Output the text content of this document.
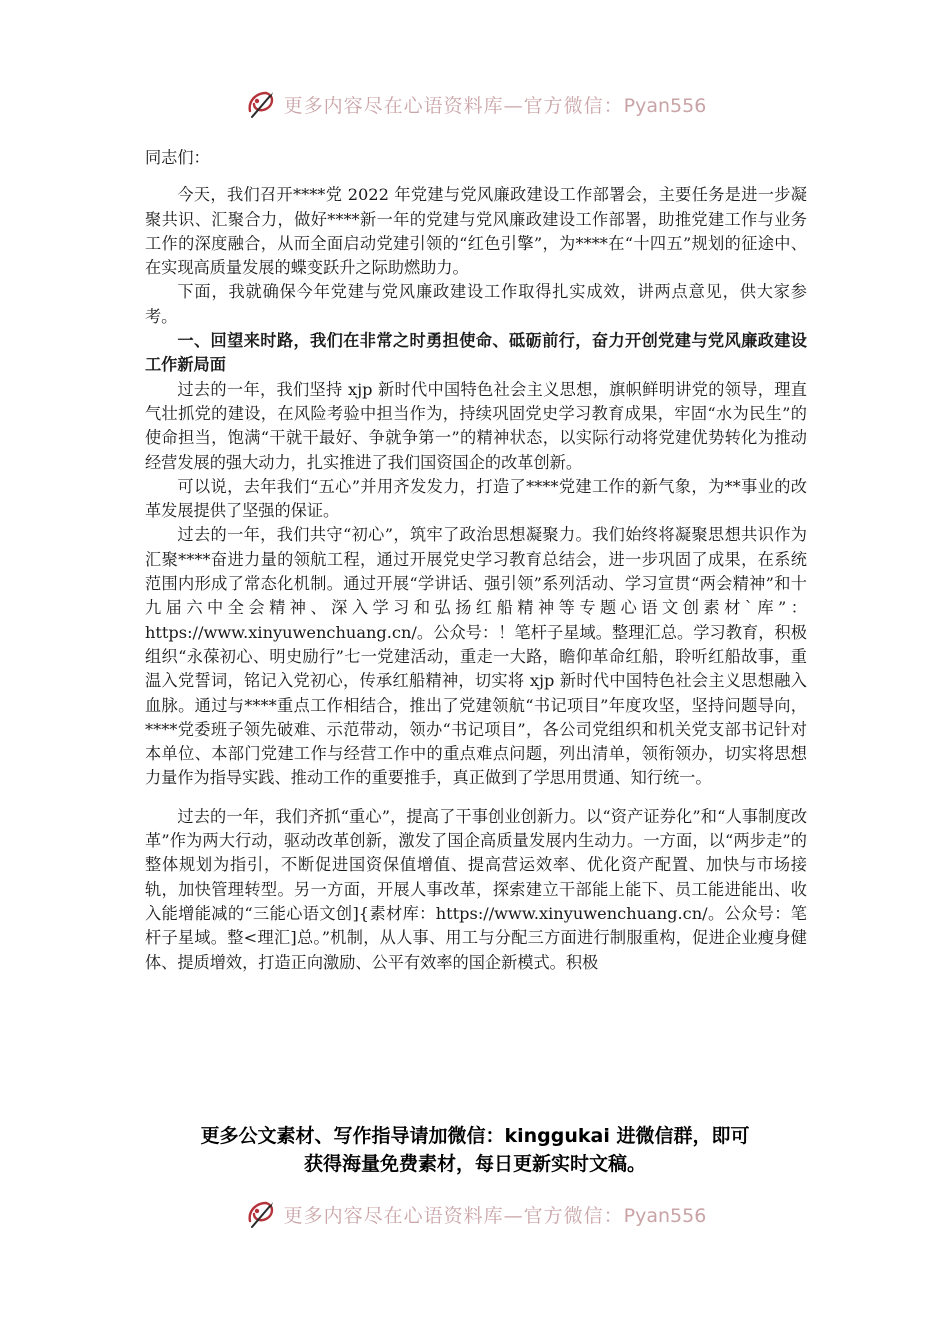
更多内容尽在心语资料库—官方微信：Pyan556

同志们：

今天，我们召开****党 2022 年党建与党风廉政建设工作部署会，主要任务是进一步凝聚共识、汇聚合力，做好****新一年的党建与党风廉政建设工作部署，助推党建工作与业务工作的深度融合，从而全面启动党建引领的“红色引擎”，为****在“十四五”规划的征途中、在实现高质量发展的蝶变跃升之际助燃助力。

下面，我就确保今年党建与党风廉政建设工作取得扎实成效，讲两点意见，供大家参考。

一、回望来时路，我们在非常之时勇担使命、砥砺前行，奋力开创党建与党风廉政建设工作新局面

过去的一年，我们坚持 xjp 新时代中国特色社会主义思想，旗帜鲜明讲党的领导，理直气壮抓党的建设，在风险考验中担当作为，持续巩固党史学习教育成果，牢固“水为民生”的使命担当，饱满“干就干最好、争就争第一”的精神状态，以实际行动将党建优势转化为推动经营发展的强大动力，扎实推进了我们国资国企的改革创新。

可以说，去年我们“五心”并用齐发发力，打造了****党建工作的新气象，为**事业的改革发展提供了坚强的保证。

过去的一年，我们共守“初心”，筑牢了政治思想凝聚力。我们始终将凝聚思想共识作为汇聚****奋进力量的领航工程，通过开展党史学习教育总结会，进一步巩固了成果，在系统范围内形成了常态化机制。通过开展“学讲话、强引领”系列活动、学习宣贯“两会精神”和十九届六中全会精神、深入学习和弘扬红船精神等专题心语文创素材`库”：https://www.xinyuwenchuang.cn/。公众号：！笔杆子星域。整理汇总。学习教育，积极组织“永葆初心、明史励行”七一党建活动，重走一大路，瞻仰革命红船，聆听红船故事，重温入党誓词，铭记入党初心，传承红船精神，切实将 xjp 新时代中国特色社会主义思想融入血脉。通过与****重点工作相结合，推出了党建领航“书记项目”年度攻坚，坚持问题导向，****党委班子领先破难、示范带动，领办“书记项目”，各公司党组织和机关党支部书记针对本单位、本部门党建工作与经营工作中的重点难点问题，列出清单，领衔领办，切实将思想力量作为指导实践、推动工作的重要推手，真正做到了学思用贯通、知行统一。

过去的一年，我们齐抓“重心”，提高了干事创业创新力。以“资产证券化”和“人事制度改革”作为两大行动，驱动改革创新，激发了国企高质量发展内生动力。一方面，以“两步走”的整体规划为指引，不断促进国资保值增值、提高营运效率、优化资产配置、加快与市场接轨，加快管理转型。另一方面，开展人事改革，探索建立干部能上能下、员工能进能出、收入能增能减的“三能心语文创]{素材库：https://www.xinyuwenchuang.cn/。公众号：笔杆子星域。整<理汇]总。”机制，从人事、用工与分配三方面进行制服重构，促进企业瘦身健体、提质增效，打造正向激励、公平有效率的国企新模式。积极

更多公文素材、写作指导请加微信：kinggukai 进微信群，即可
获得海量免费素材，每日更新实时文稿。
更多内容尽在心语资料库—官方微信：Pyan556
